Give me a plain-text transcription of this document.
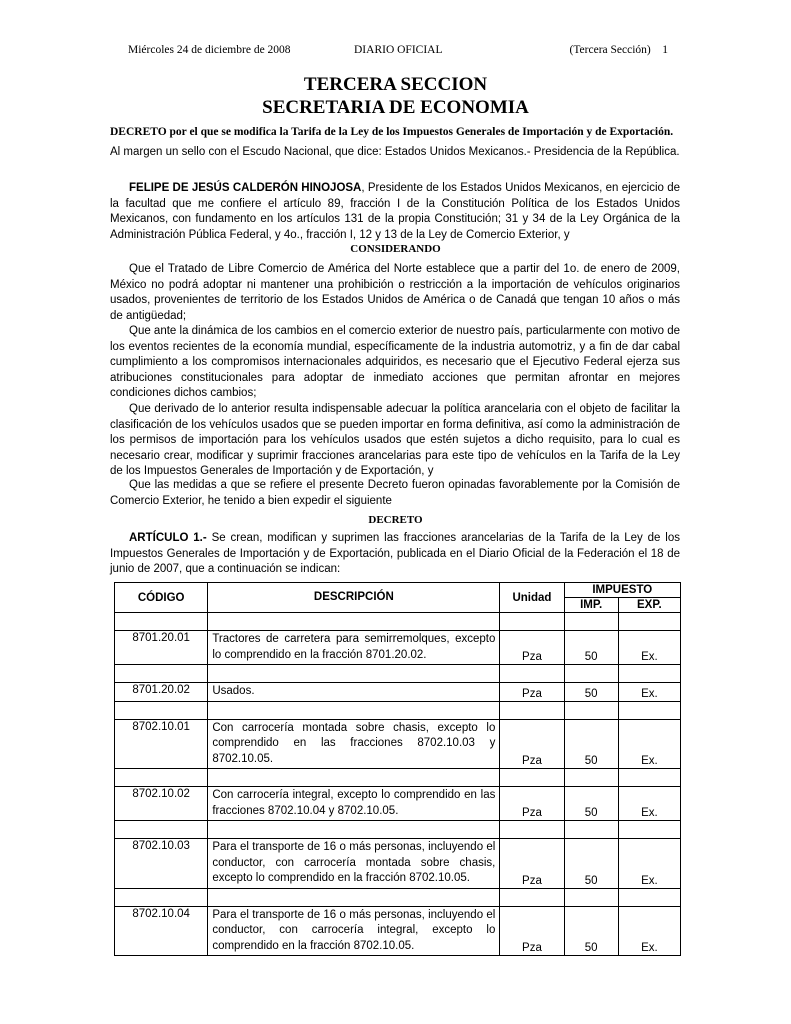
Miércoles 24 de diciembre de 2008	DIARIO OFICIAL	(Tercera Sección) 1
TERCERA SECCION
SECRETARIA DE ECONOMIA
DECRETO por el que se modifica la Tarifa de la Ley de los Impuestos Generales de Importación y de Exportación.
Al margen un sello con el Escudo Nacional, que dice: Estados Unidos Mexicanos.- Presidencia de la República.
FELIPE DE JESÚS CALDERÓN HINOJOSA, Presidente de los Estados Unidos Mexicanos, en ejercicio de la facultad que me confiere el artículo 89, fracción I de la Constitución Política de los Estados Unidos Mexicanos, con fundamento en los artículos 131 de la propia Constitución; 31 y 34 de la Ley Orgánica de la Administración Pública Federal, y 4o., fracción I, 12 y 13 de la Ley de Comercio Exterior, y
CONSIDERANDO
Que el Tratado de Libre Comercio de América del Norte establece que a partir del 1o. de enero de 2009, México no podrá adoptar ni mantener una prohibición o restricción a la importación de vehículos originarios usados, provenientes de territorio de los Estados Unidos de América o de Canadá que tengan 10 años o más de antigüedad;
Que ante la dinámica de los cambios en el comercio exterior de nuestro país, particularmente con motivo de los eventos recientes de la economía mundial, específicamente de la industria automotriz, y a fin de dar cabal cumplimiento a los compromisos internacionales adquiridos, es necesario que el Ejecutivo Federal ejerza sus atribuciones constitucionales para adoptar de inmediato acciones que permitan afrontar en mejores condiciones dichos cambios;
Que derivado de lo anterior resulta indispensable adecuar la política arancelaria con el objeto de facilitar la clasificación de los vehículos usados que se pueden importar en forma definitiva, así como la administración de los permisos de importación para los vehículos usados que estén sujetos a dicho requisito, para lo cual es necesario crear, modificar y suprimir fracciones arancelarias para este tipo de vehículos en la Tarifa de la Ley de los Impuestos Generales de Importación y de Exportación, y
Que las medidas a que se refiere el presente Decreto fueron opinadas favorablemente por la Comisión de Comercio Exterior, he tenido a bien expedir el siguiente
DECRETO
ARTÍCULO 1.- Se crean, modifican y suprimen las fracciones arancelarias de la Tarifa de la Ley de los Impuestos Generales de Importación y de Exportación, publicada en el Diario Oficial de la Federación el 18 de junio de 2007, que a continuación se indican:
CÓDIGO	DESCRIPCIÓN	Unidad	IMPUESTO	
			IMP.	EXP.

8701.20.01	Tractores de carretera para semirremolques, excepto lo comprendido en la fracción 8701.20.02.	Pza	50	Ex.

8701.20.02	Usados.	Pza	50	Ex.

8702.10.01	Con carrocería montada sobre chasis, excepto lo comprendido en las fracciones 8702.10.03 y 8702.10.05.	Pza	50	Ex.

8702.10.02	Con carrocería integral, excepto lo comprendido en las fracciones 8702.10.04 y 8702.10.05.	Pza	50	Ex.

8702.10.03	Para el transporte de 16 o más personas, incluyendo el conductor, con carrocería montada sobre chasis, excepto lo comprendido en la fracción 8702.10.05.	Pza	50	Ex.

8702.10.04	Para el transporte de 16 o más personas, incluyendo el conductor, con carrocería integral, excepto lo comprendido en la fracción 8702.10.05.	Pza	50	Ex.
